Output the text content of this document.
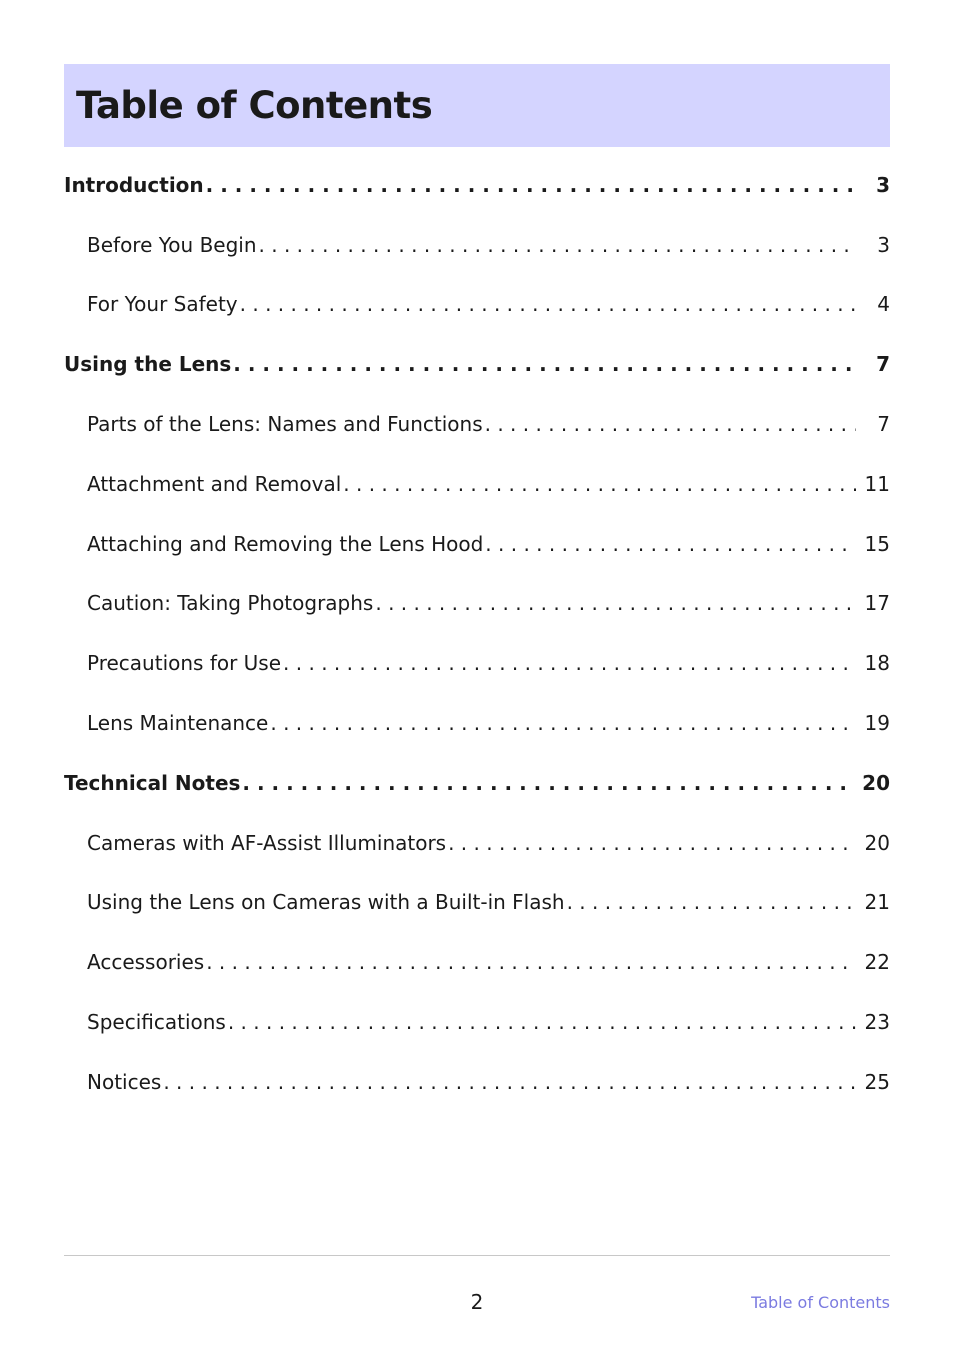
Table of Contents
Introduction . . .	3
Before You Begin . . .	3
For Your Safety . . .	4
Using the Lens . . .	7
Parts of the Lens: Names and Functions . . .	7
Attachment and Removal . . .	11
Attaching and Removing the Lens Hood . . .	15
Caution: Taking Photographs . . .	17
Precautions for Use . . .	18
Lens Maintenance . . .	19
Technical Notes . . .	20
Cameras with AF-Assist Illuminators . . .	20
Using the Lens on Cameras with a Built-in Flash . . .	21
Accessories . . .	22
Specifications . . .	23
Notices . . .	25
2	Table of Contents
